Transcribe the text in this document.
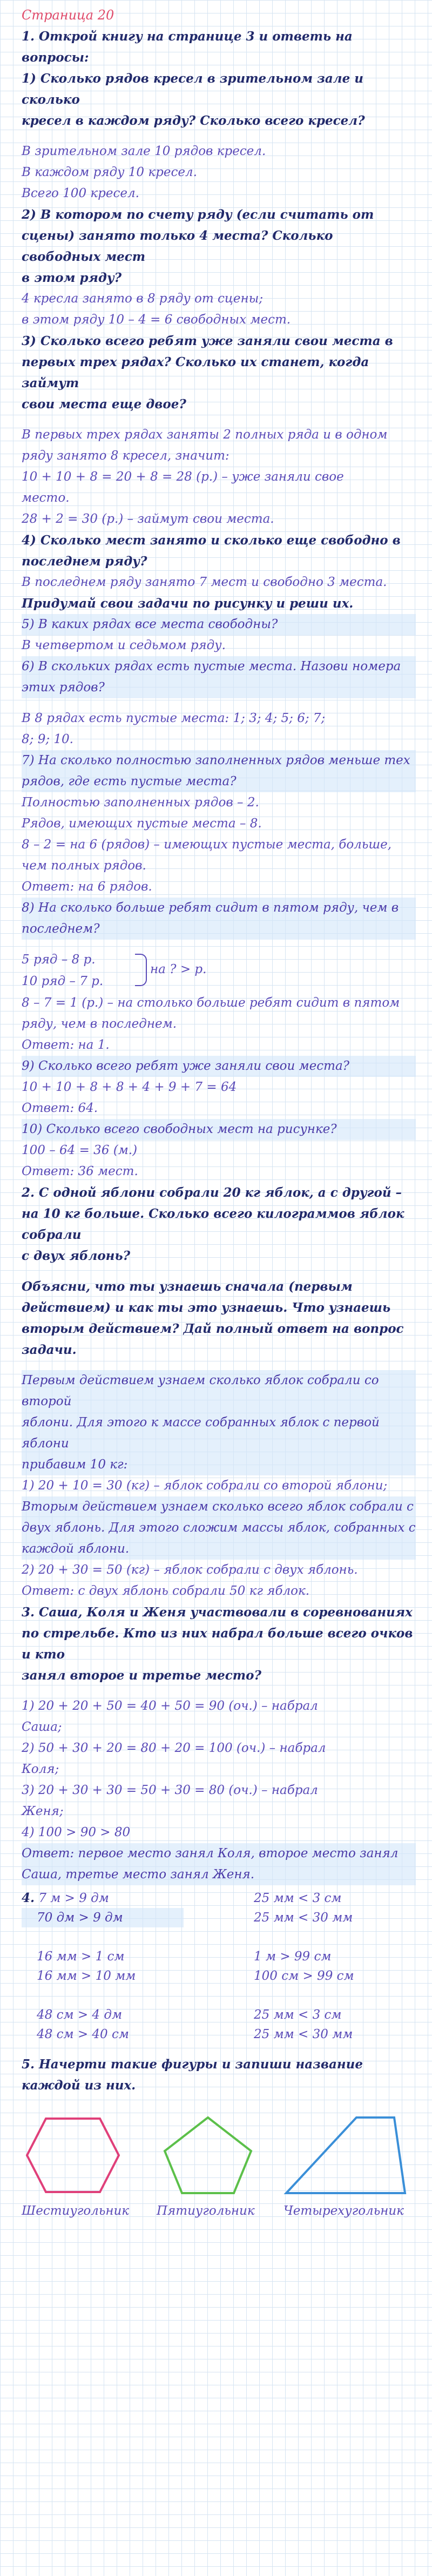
Страница 20

1. Открой книгу на странице 3 и ответь на вопросы:

1) Сколько рядов кресел в зрительном зале и сколько

кресел в каждом ряду? Сколько всего кресел?

В зрительном зале 10 рядов кресел.

В каждом ряду 10 кресел.

Всего 100 кресел.

2) В котором по счету ряду (если считать от

сцены) занято только 4 места? Сколько свободных мест

в этом ряду?

4 кресла занято в 8 ряду от сцены;

в этом ряду 10 – 4 = 6 свободных мест.

3) Сколько всего ребят уже заняли свои места в

первых трех рядах? Сколько их станет, когда займут

свои места еще двое?

В первых трех рядах заняты 2 полных ряда и в одном

ряду занято 8 кресел, значит:

10 + 10 + 8 = 20 + 8 = 28 (р.) – уже заняли свое

место.

28 + 2 = 30 (р.) – займут свои места.

4) Сколько мест занято и сколько еще свободно в

последнем ряду?

В последнем ряду занято 7 мест и свободно 3 места.

Придумай свои задачи по рисунку и реши их.

5) В каких рядах все места свободны?

В четвертом и седьмом ряду.

6) В скольких рядах есть пустые места. Назови номера

этих рядов?

В 8 рядах есть пустые места: 1; 3; 4; 5; 6; 7;

8; 9; 10.

7) На сколько полностью заполненных рядов меньше тех

рядов, где есть пустые места?

Полностью заполненных рядов – 2.

Рядов, имеющих пустые места – 8.

8 – 2 = на 6 (рядов) – имеющих пустые места, больше,

чем полных рядов.

Ответ: на 6 рядов.

8) На сколько больше ребят сидит в пятом ряду, чем в

последнем?

5 ряд – 8 р.
10 ряд – 7 р.
на ? > р.

8 – 7 = 1 (р.) – на столько больше ребят сидит в пятом

ряду, чем в последнем.

Ответ: на 1.

9) Сколько всего ребят уже заняли свои места?

10 + 10 + 8 + 8 + 4 + 9 + 7 = 64

Ответ: 64.

10) Сколько всего свободных мест на рисунке?

100 – 64 = 36 (м.)

Ответ: 36 мест.

2. С одной яблони собрали 20 кг яблок, а с другой –

на 10 кг больше. Сколько всего килограммов яблок собрали

с двух яблонь?

Объясни, что ты узнаешь сначала (первым

действием) и как ты это узнаешь. Что узнаешь

вторым действием? Дай полный ответ на вопрос

задачи.

Первым действием узнаем сколько яблок собрали со второй

яблони. Для этого к массе собранных яблок с первой яблони

прибавим 10 кг:

1) 20 + 10 = 30 (кг) – яблок собрали со второй яблони;

Вторым действием узнаем сколько всего яблок собрали с

двух яблонь. Для этого сложим массы яблок, собранных с

каждой яблони.

2) 20 + 30 = 50 (кг) – яблок собрали с двух яблонь.

Ответ: с двух яблонь собрали 50 кг яблок.

3. Саша, Коля и Женя участвовали в соревнованиях

по стрельбе. Кто из них набрал больше всего очков и кто

занял второе и третье место?

1) 20 + 20 + 50 = 40 + 50 = 90 (оч.) – набрал

Саша;

2) 50 + 30 + 20 = 80 + 20 = 100 (оч.) – набрал

Коля;

3) 20 + 30 + 30 = 50 + 30 = 80 (оч.) – набрал

Женя;

4) 100 > 90 > 80

Ответ: первое место занял Коля, второе место занял

Саша, третье место занял Женя.

4. 7 м > 9 дм	25 мм < 3 см
70 дм > 9 дм	25 мм < 30 мм

16 мм > 1 см	1 м > 99 см
16 мм > 10 мм	100 см > 99 см

48 см > 4 дм	25 мм < 3 см
48 см > 40 см	25 мм < 30 мм

5. Начерти такие фигуры и запиши название

каждой из них.

Шестиугольник Пятиугольник Четырехугольник
